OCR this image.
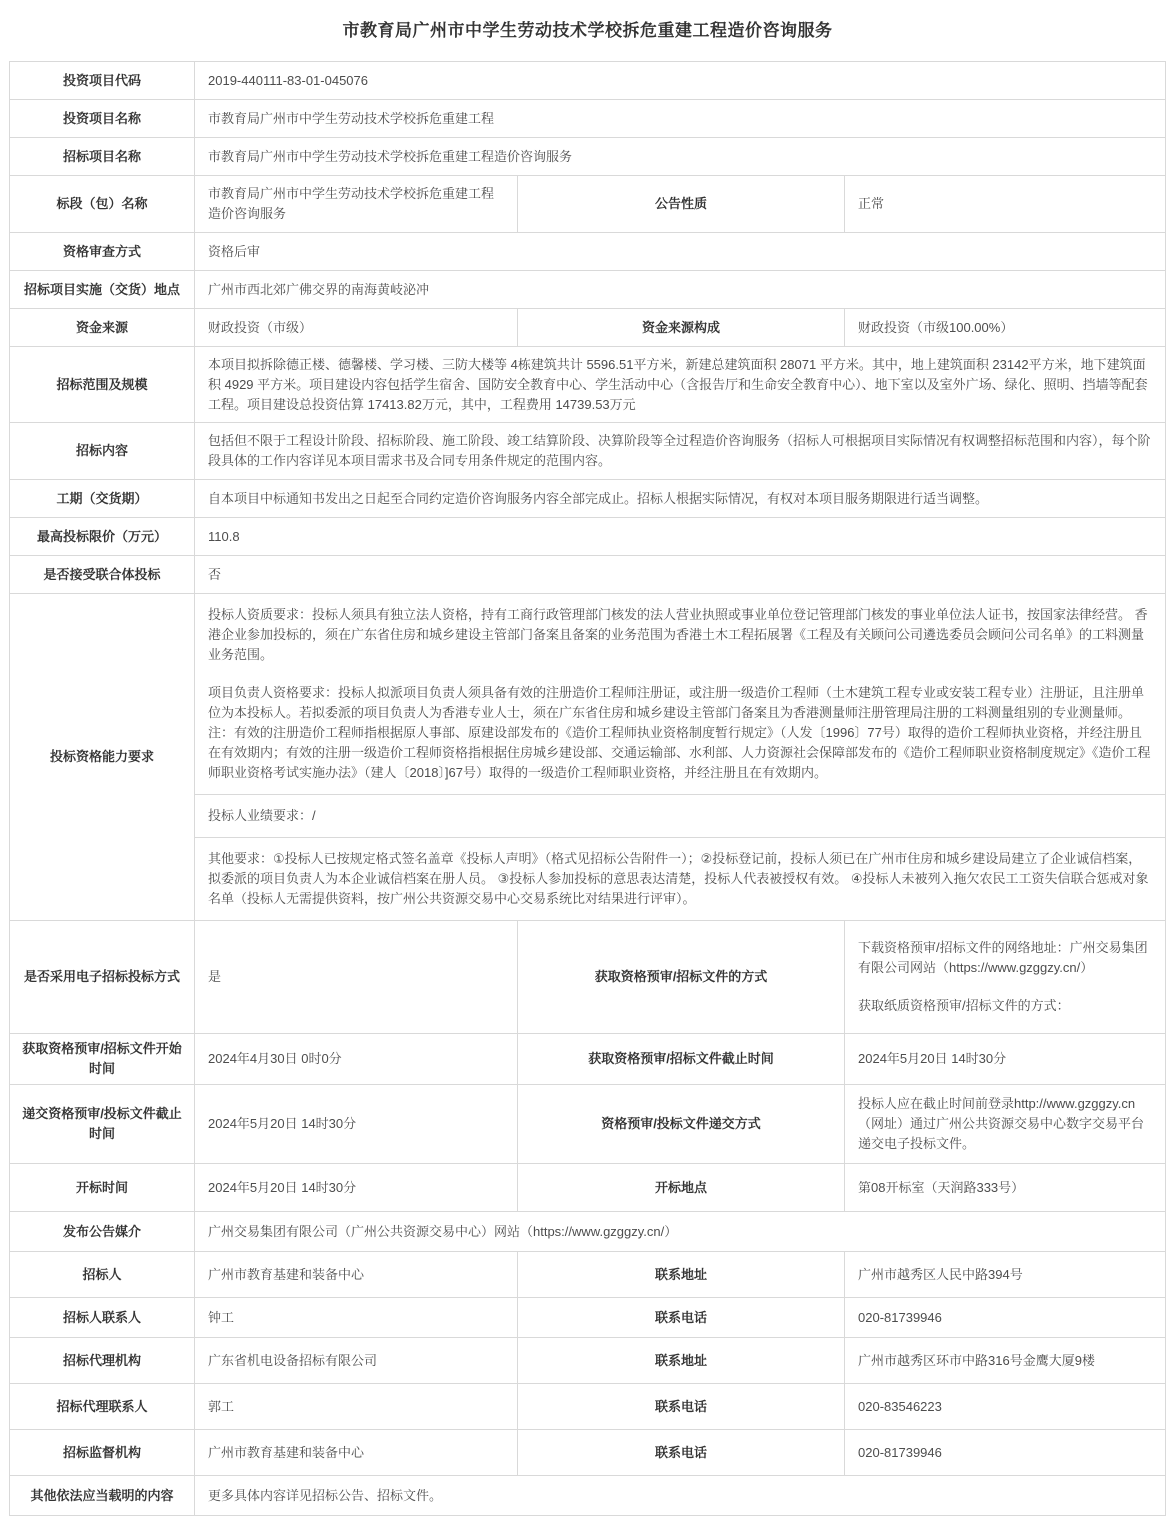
市教育局广州市中学生劳动技术学校拆危重建工程造价咨询服务
投资项目代码	2019-440111-83-01-045076		
投资项目名称	市教育局广州市中学生劳动技术学校拆危重建工程		
招标项目名称	市教育局广州市中学生劳动技术学校拆危重建工程造价咨询服务		
标段（包）名称	市教育局广州市中学生劳动技术学校拆危重建工程造价咨询服务	公告性质	正常
资格审查方式	资格后审		
招标项目实施（交货）地点	广州市西北郊广佛交界的南海黄岐泌冲		
资金来源	财政投资（市级）	资金来源构成	财政投资（市级100.00%）
招标范围及规模	本项目拟拆除德正楼、德馨楼、学习楼、三防大楼等 4栋建筑共计 5596.51平方米，新建总建筑面积 28071 平方米。其中，地上建筑面积 23142平方米，地下建筑面积 4929 平方米。项目建设内容包括学生宿舍、国防安全教育中心、学生活动中心（含报告厅和生命安全教育中心）、地下室以及室外广场、绿化、照明、挡墙等配套工程。项目建设总投资估算 17413.82万元，其中，工程费用 14739.53万元		
招标内容	包括但不限于工程设计阶段、招标阶段、施工阶段、竣工结算阶段、决算阶段等全过程造价咨询服务（招标人可根据项目实际情况有权调整招标范围和内容），每个阶段具体的工作内容详见本项目需求书及合同专用条件规定的范围内容。		
工期（交货期）	自本项目中标通知书发出之日起至合同约定造价咨询服务内容全部完成止。招标人根据实际情况，有权对本项目服务期限进行适当调整。		
最高投标限价（万元）	110.8		
是否接受联合体投标	否		
投标资格能力要求	投标人资质要求：投标人须具有独立法人资格，持有工商行政管理部门核发的法人营业执照或事业单位登记管理部门核发的事业单位法人证书，按国家法律经营。 香港企业参加投标的，须在广东省住房和城乡建设主管部门备案且备案的业务范围为香港土木工程拓展署《工程及有关顾问公司遴选委员会顾问公司名单》的工料测量业务范围。

项目负责人资格要求：投标人拟派项目负责人须具备有效的注册造价工程师注册证，或注册一级造价工程师（土木建筑工程专业或安装工程专业）注册证，且注册单位为本投标人。若拟委派的项目负责人为香港专业人士，须在广东省住房和城乡建设主管部门备案且为香港测量师注册管理局注册的工料测量组别的专业测量师。 注：有效的注册造价工程师指根据原人事部、原建设部发布的《造价工程师执业资格制度暂行规定》（人发〔1996〕77号）取得的造价工程师执业资格，并经注册且在有效期内；有效的注册一级造价工程师资格指根据住房城乡建设部、交通运输部、水利部、人力资源社会保障部发布的《造价工程师职业资格制度规定》《造价工程师职业资格考试实施办法》（建人〔2018〕]67号）取得的一级造价工程师职业资格，并经注册且在有效期内。

投标人业绩要求：/

其他要求：①投标人已按规定格式签名盖章《投标人声明》（格式见招标公告附件一）；②投标登记前，投标人须已在广州市住房和城乡建设局建立了企业诚信档案，拟委派的项目负责人为本企业诚信档案在册人员。 ③投标人参加投标的意思表达清楚，投标人代表被授权有效。 ④投标人未被列入拖欠农民工工资失信联合惩戒对象名单（投标人无需提供资料，按广州公共资源交易中心交易系统比对结果进行评审）。		

是否采用电子招标投标方式	是	获取资格预审/招标文件的方式	下载资格预审/招标文件的网络地址：广州交易集团有限公司网站（https://www.gzggzy.cn/）

获取纸质资格预审/招标文件的方式：

获取资格预审/招标文件开始时间	2024年4月30日 0时0分	获取资格预审/招标文件截止时间	2024年5月20日 14时30分
递交资格预审/投标文件截止时间	2024年5月20日 14时30分	资格预审/投标文件递交方式	投标人应在截止时间前登录http://www.gzggzy.cn（网址）通过广州公共资源交易中心数字交易平台递交电子投标文件。
开标时间	2024年5月20日 14时30分	开标地点	第08开标室（天润路333号）
发布公告媒介	广州交易集团有限公司（广州公共资源交易中心）网站（https://www.gzggzy.cn/）		
招标人	广州市教育基建和装备中心	联系地址	广州市越秀区人民中路394号
招标人联系人	钟工	联系电话	020-81739946
招标代理机构	广东省机电设备招标有限公司	联系地址	广州市越秀区环市中路316号金鹰大厦9楼
招标代理联系人	郭工	联系电话	020-83546223
招标监督机构	广州市教育基建和装备中心	联系电话	020-81739946
其他依法应当载明的内容	更多具体内容详见招标公告、招标文件。		
